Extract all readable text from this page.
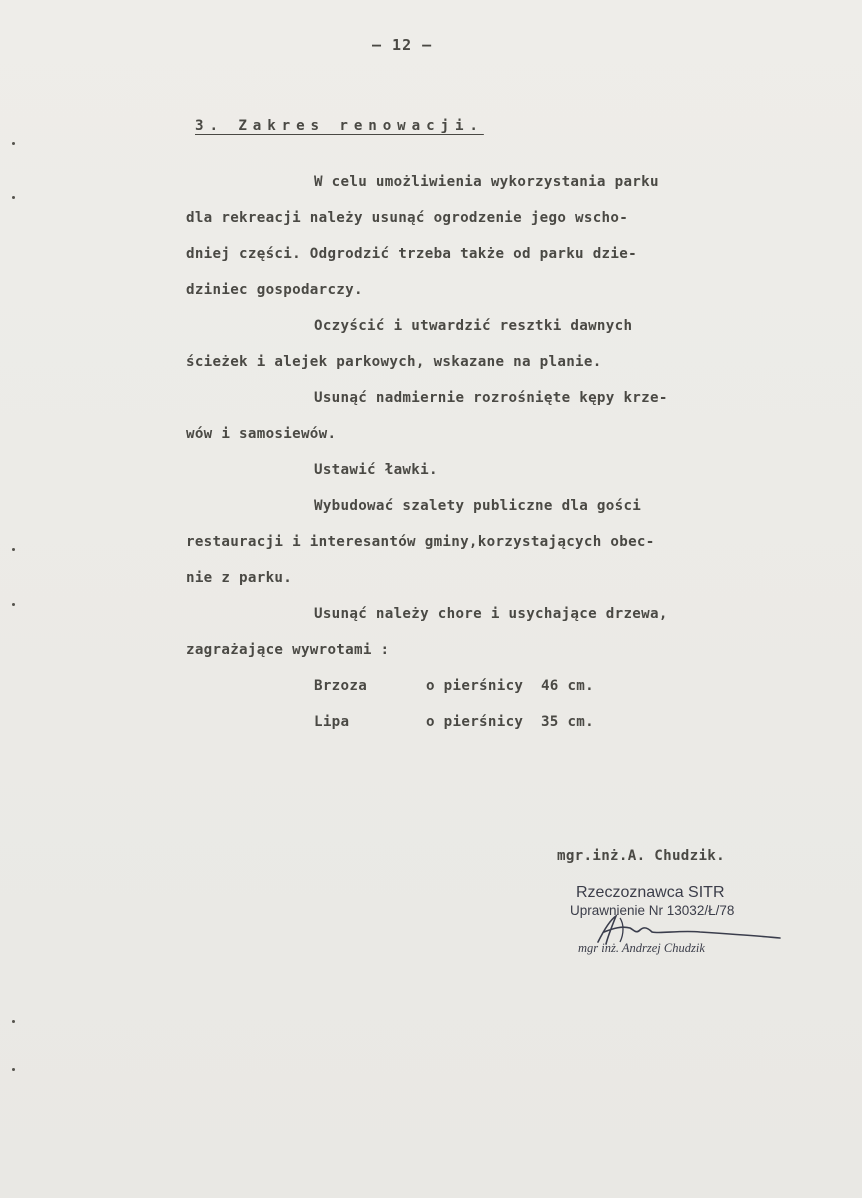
— 12 —
3. Zakres renowacji.
W celu umożliwienia wykorzystania parku
dla rekreacji należy usunąć ogrodzenie jego wscho-
dniej części. Odgrodzić trzeba także od parku dzie-
dziniec gospodarczy.
Oczyścić i utwardzić resztki dawnych
ścieżek i alejek parkowych, wskazane na planie.
Usunąć nadmiernie rozrośnięte kępy krze-
wów i samosiewów.
Ustawić ławki.
Wybudować szalety publiczne dla gości
restauracji i interesantów gminy,korzystających obec-
nie z parku.
Usunąć należy chore i usychające drzewa,
zagrażające wywrotami :
Brzoza	o pierśnicy  46 cm.
Lipa	o pierśnicy  35 cm.
mgr.inż.A. Chudzik.
Rzeczoznawca SITR
Uprawnienie Nr 13032/Ł/78
mgr inż. Andrzej Chudzik
